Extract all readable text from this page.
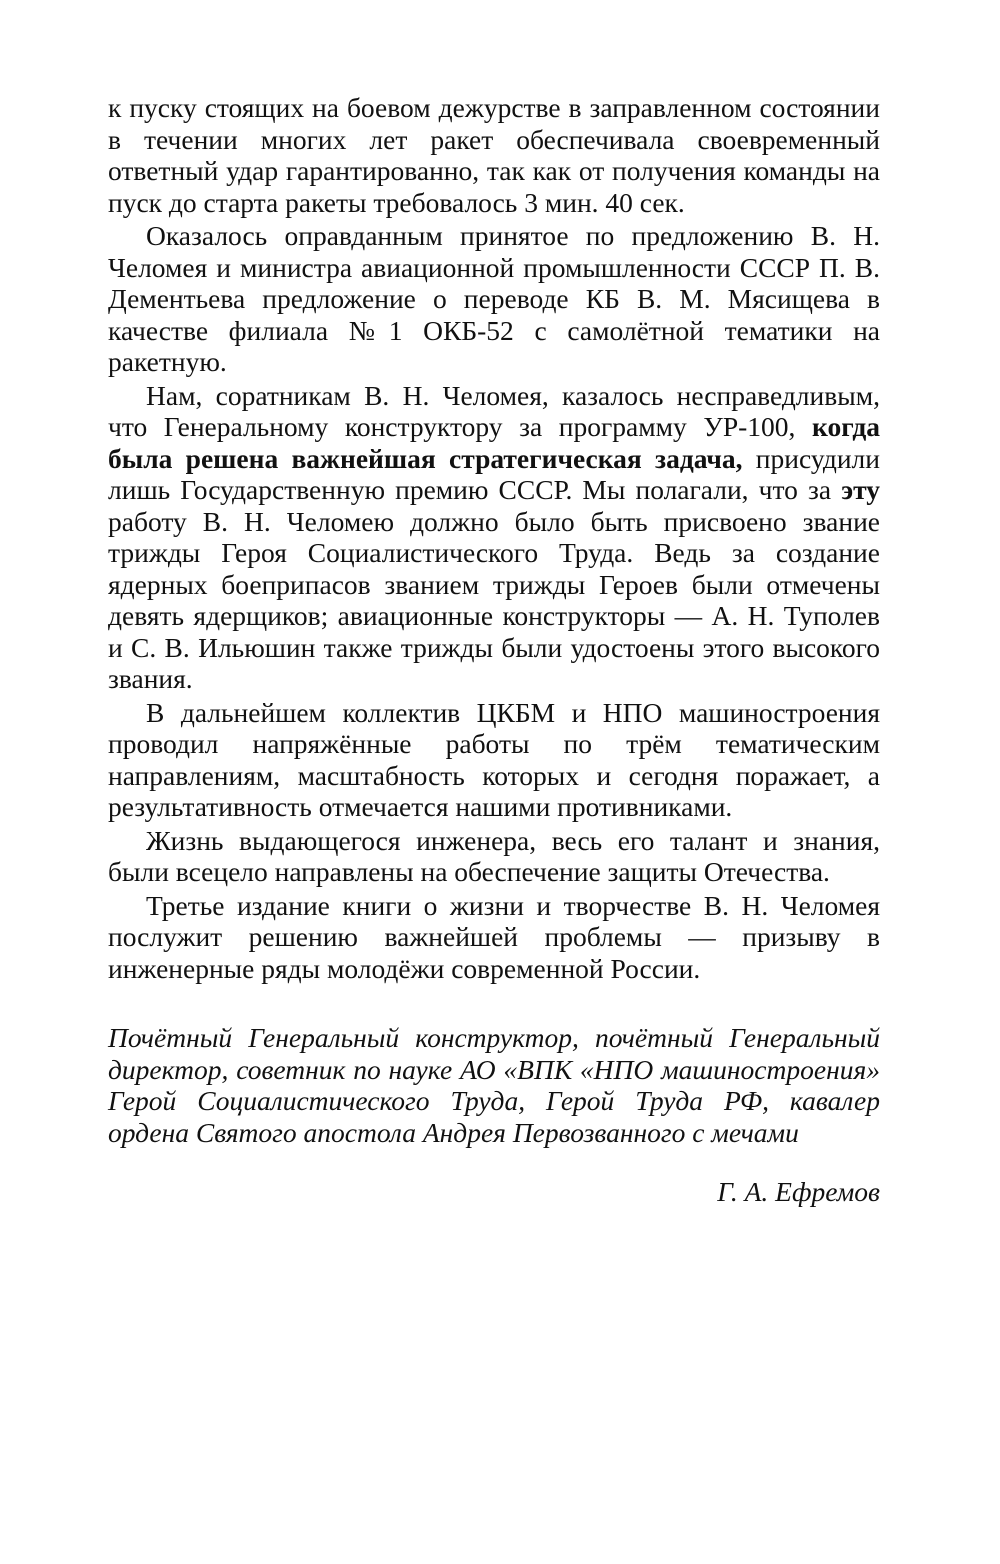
к пуску стоящих на боевом дежурстве в заправленном состоянии в течении многих лет ракет обеспечивала своевременный ответный удар гарантированно, так как от получения команды на пуск до старта ракеты требовалось 3 мин. 40 сек.

Оказалось оправданным принятое по предложению В. Н. Челомея и министра авиационной промышленности СССР П. В. Дементьева предложение о переводе КБ В. М. Мясищева в качестве филиала №1 ОКБ-52 с самолётной тематики на ракетную.

Нам, соратникам В. Н. Челомея, казалось несправедливым, что Генеральному конструктору за программу УР-100, когда была решена важнейшая стратегическая задача, присудили лишь Государственную премию СССР. Мы полагали, что за эту работу В. Н. Челомею должно было быть присвоено звание трижды Героя Социалистического Труда. Ведь за создание ядерных боеприпасов званием трижды Героев были отмечены девять ядерщиков; авиационные конструкторы — А. Н. Туполев и С. В. Ильюшин также трижды были удостоены этого высокого звания.

В дальнейшем коллектив ЦКБМ и НПО машиностроения проводил напряжённые работы по трём тематическим направлениям, масштабность которых и сегодня поражает, а результативность отмечается нашими противниками.

Жизнь выдающегося инженера, весь его талант и знания, были всецело направлены на обеспечение защиты Отечества.

Третье издание книги о жизни и творчестве В. Н. Челомея послужит решению важнейшей проблемы — призыву в инженерные ряды молодёжи современной России.

Почётный Генеральный конструктор, почётный Генеральный директор, советник по науке АО «ВПК «НПО машиностроения» Герой Социалистического Труда, Герой Труда РФ, кавалер ордена Святого апостола Андрея Первозванного с мечами

Г. А. Ефремов
